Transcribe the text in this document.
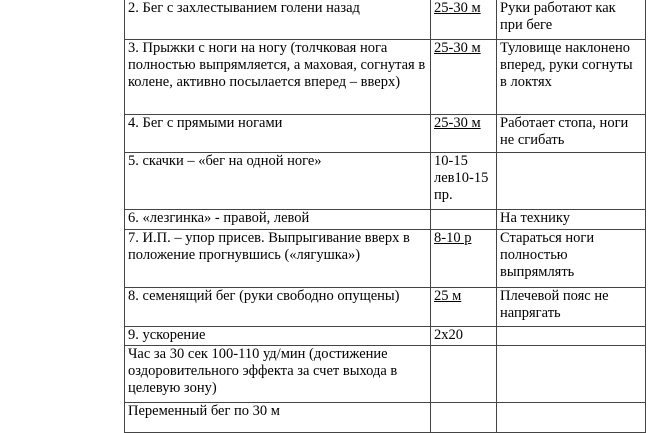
2. Бег с захлестыванием голени назад	25-30 м	Руки работают как при беге
3. Прыжки с ноги на ногу (толчковая нога полностью выпрямляется, а маховая, согнутая в колене, активно посылается вперед – вверх)	25-30 м	Туловище наклонено вперед, руки согнуты в локтях
4. Бег с прямыми ногами	25-30 м	Работает стопа, ноги не сгибать
5. скачки – «бег на одной ноге»	10-15 лев10-15 пр.	
6. «лезгинка» - правой, левой		На технику
7. И.П. – упор присев. Выпрыгивание вверх в положение прогнувшись («лягушка»)	8-10 р	Стараться ноги полностью выпрямлять
8. семенящий бег (руки свободно опущены)	25 м	Плечевой пояс не напрягать
9. ускорение	2х20	
Час за 30 сек 100-110 уд/мин (достижение оздоровительного эффекта за счет выхода в целевую зону)		
Переменный бег по 30 м		
